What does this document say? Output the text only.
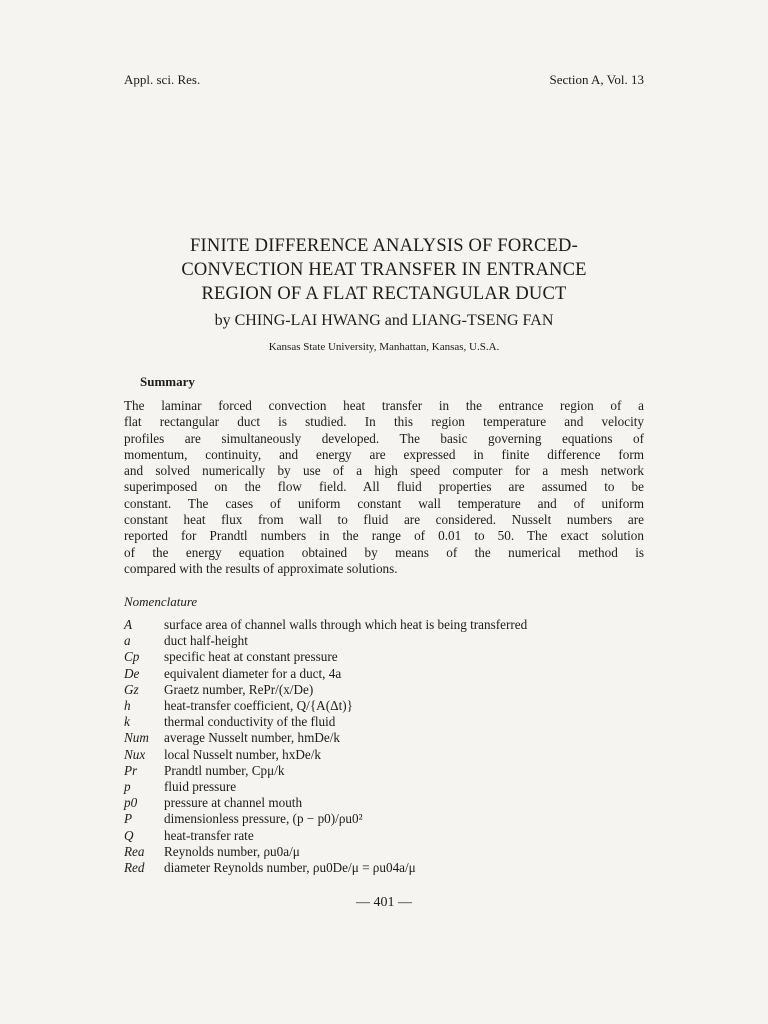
Appl. sci. Res.	Section A, Vol. 13
FINITE DIFFERENCE ANALYSIS OF FORCED-
CONVECTION HEAT TRANSFER IN ENTRANCE
REGION OF A FLAT RECTANGULAR DUCT
by CHING-LAI HWANG and LIANG-TSENG FAN
Kansas State University, Manhattan, Kansas, U.S.A.
Summary
The laminar forced convection heat transfer in the entrance region of a
flat rectangular duct is studied. In this region temperature and velocity
profiles are simultaneously developed. The basic governing equations of
momentum, continuity, and energy are expressed in finite difference form
and solved numerically by use of a high speed computer for a mesh network
superimposed on the flow field. All fluid properties are assumed to be
constant. The cases of uniform constant wall temperature and of uniform
constant heat flux from wall to fluid are considered. Nusselt numbers are
reported for Prandtl numbers in the range of 0.01 to 50. The exact solution
of the energy equation obtained by means of the numerical method is
compared with the results of approximate solutions.
Nomenclature
A	surface area of channel walls through which heat is being transferred
a	duct half-height
Cp	specific heat at constant pressure
De	equivalent diameter for a duct, 4a
Gz	Graetz number, RePr/(x/De)
h	heat-transfer coefficient, Q/{A(Δt)}
k	thermal conductivity of the fluid
Num	average Nusselt number, hmDe/k
Nux	local Nusselt number, hxDe/k
Pr	Prandtl number, Cpμ/k
p	fluid pressure
p0	pressure at channel mouth
P	dimensionless pressure, (p − p0)/ρu0²
Q	heat-transfer rate
Rea	Reynolds number, ρu0a/μ
Red	diameter Reynolds number, ρu0De/μ = ρu04a/μ
— 401 —
